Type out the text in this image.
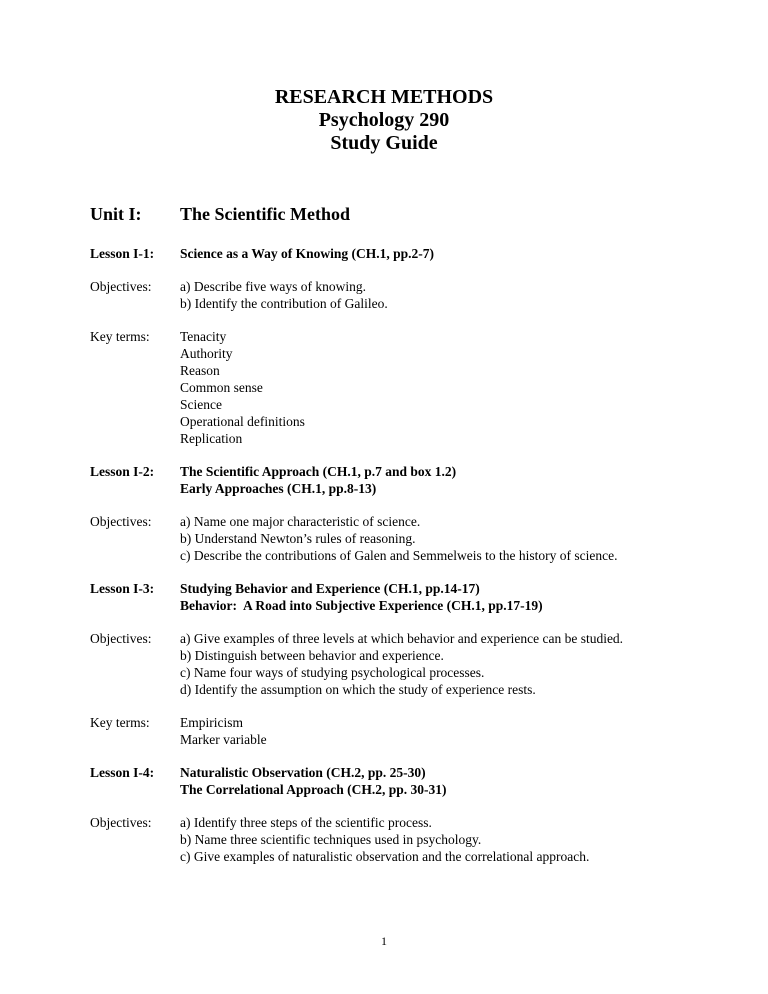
RESEARCH METHODS
Psychology 290
Study Guide
Unit I:	The Scientific Method
Lesson I-1:	Science as a Way of Knowing (CH.1, pp.2-7)
Objectives:	a) Describe five ways of knowing.
b) Identify the contribution of Galileo.
Key terms:	Tenacity
Authority
Reason
Common sense
Science
Operational definitions
Replication
Lesson I-2:	The Scientific Approach (CH.1, p.7 and box 1.2)
Early Approaches (CH.1, pp.8-13)
Objectives:	a) Name one major characteristic of science.
b) Understand Newton’s rules of reasoning.
c) Describe the contributions of Galen and Semmelweis to the history of science.
Lesson I-3:	Studying Behavior and Experience (CH.1, pp.14-17)
Behavior:  A Road into Subjective Experience (CH.1, pp.17-19)
Objectives:	a) Give examples of three levels at which behavior and experience can be studied.
b) Distinguish between behavior and experience.
c) Name four ways of studying psychological processes.
d) Identify the assumption on which the study of experience rests.
Key terms:	Empiricism
Marker variable
Lesson I-4:	Naturalistic Observation (CH.2, pp. 25-30)
The Correlational Approach (CH.2, pp. 30-31)
Objectives:	a) Identify three steps of the scientific process.
b) Name three scientific techniques used in psychology.
c) Give examples of naturalistic observation and the correlational approach.
1
